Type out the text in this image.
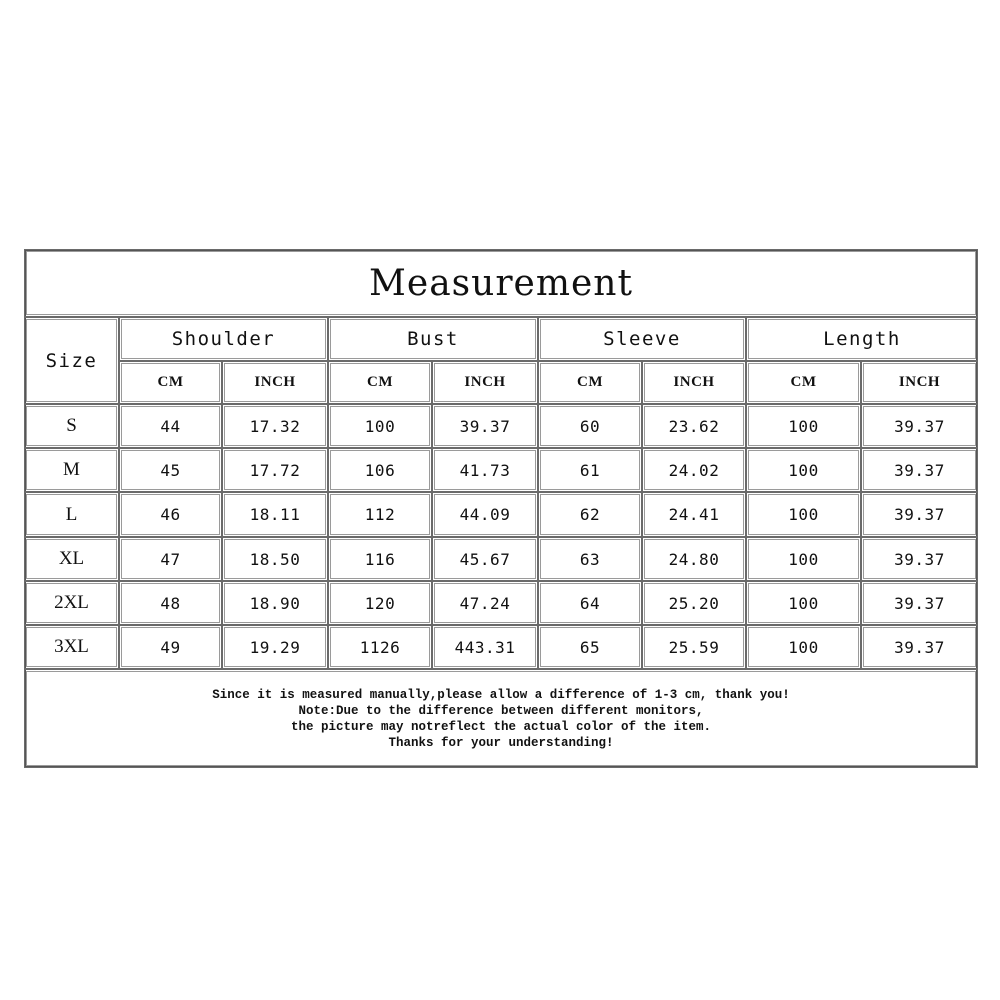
Measurement
Size
Shoulder
CM	INCH
Bust
CM	INCH
Sleeve
CM	INCH
Length
CM	INCH
S	44	17.32	100	39.37	60	23.62	100	39.37
M	45	17.72	106	41.73	61	24.02	100	39.37
L	46	18.11	112	44.09	62	24.41	100	39.37
XL	47	18.50	116	45.67	63	24.80	100	39.37
2XL	48	18.90	120	47.24	64	25.20	100	39.37
3XL	49	19.29	1126	443.31	65	25.59	100	39.37
Since it is measured manually,please allow a difference of 1-3 cm, thank you!
Note:Due to the difference between different monitors,
the picture may notreflect the actual color of the item.
Thanks for your understanding!
